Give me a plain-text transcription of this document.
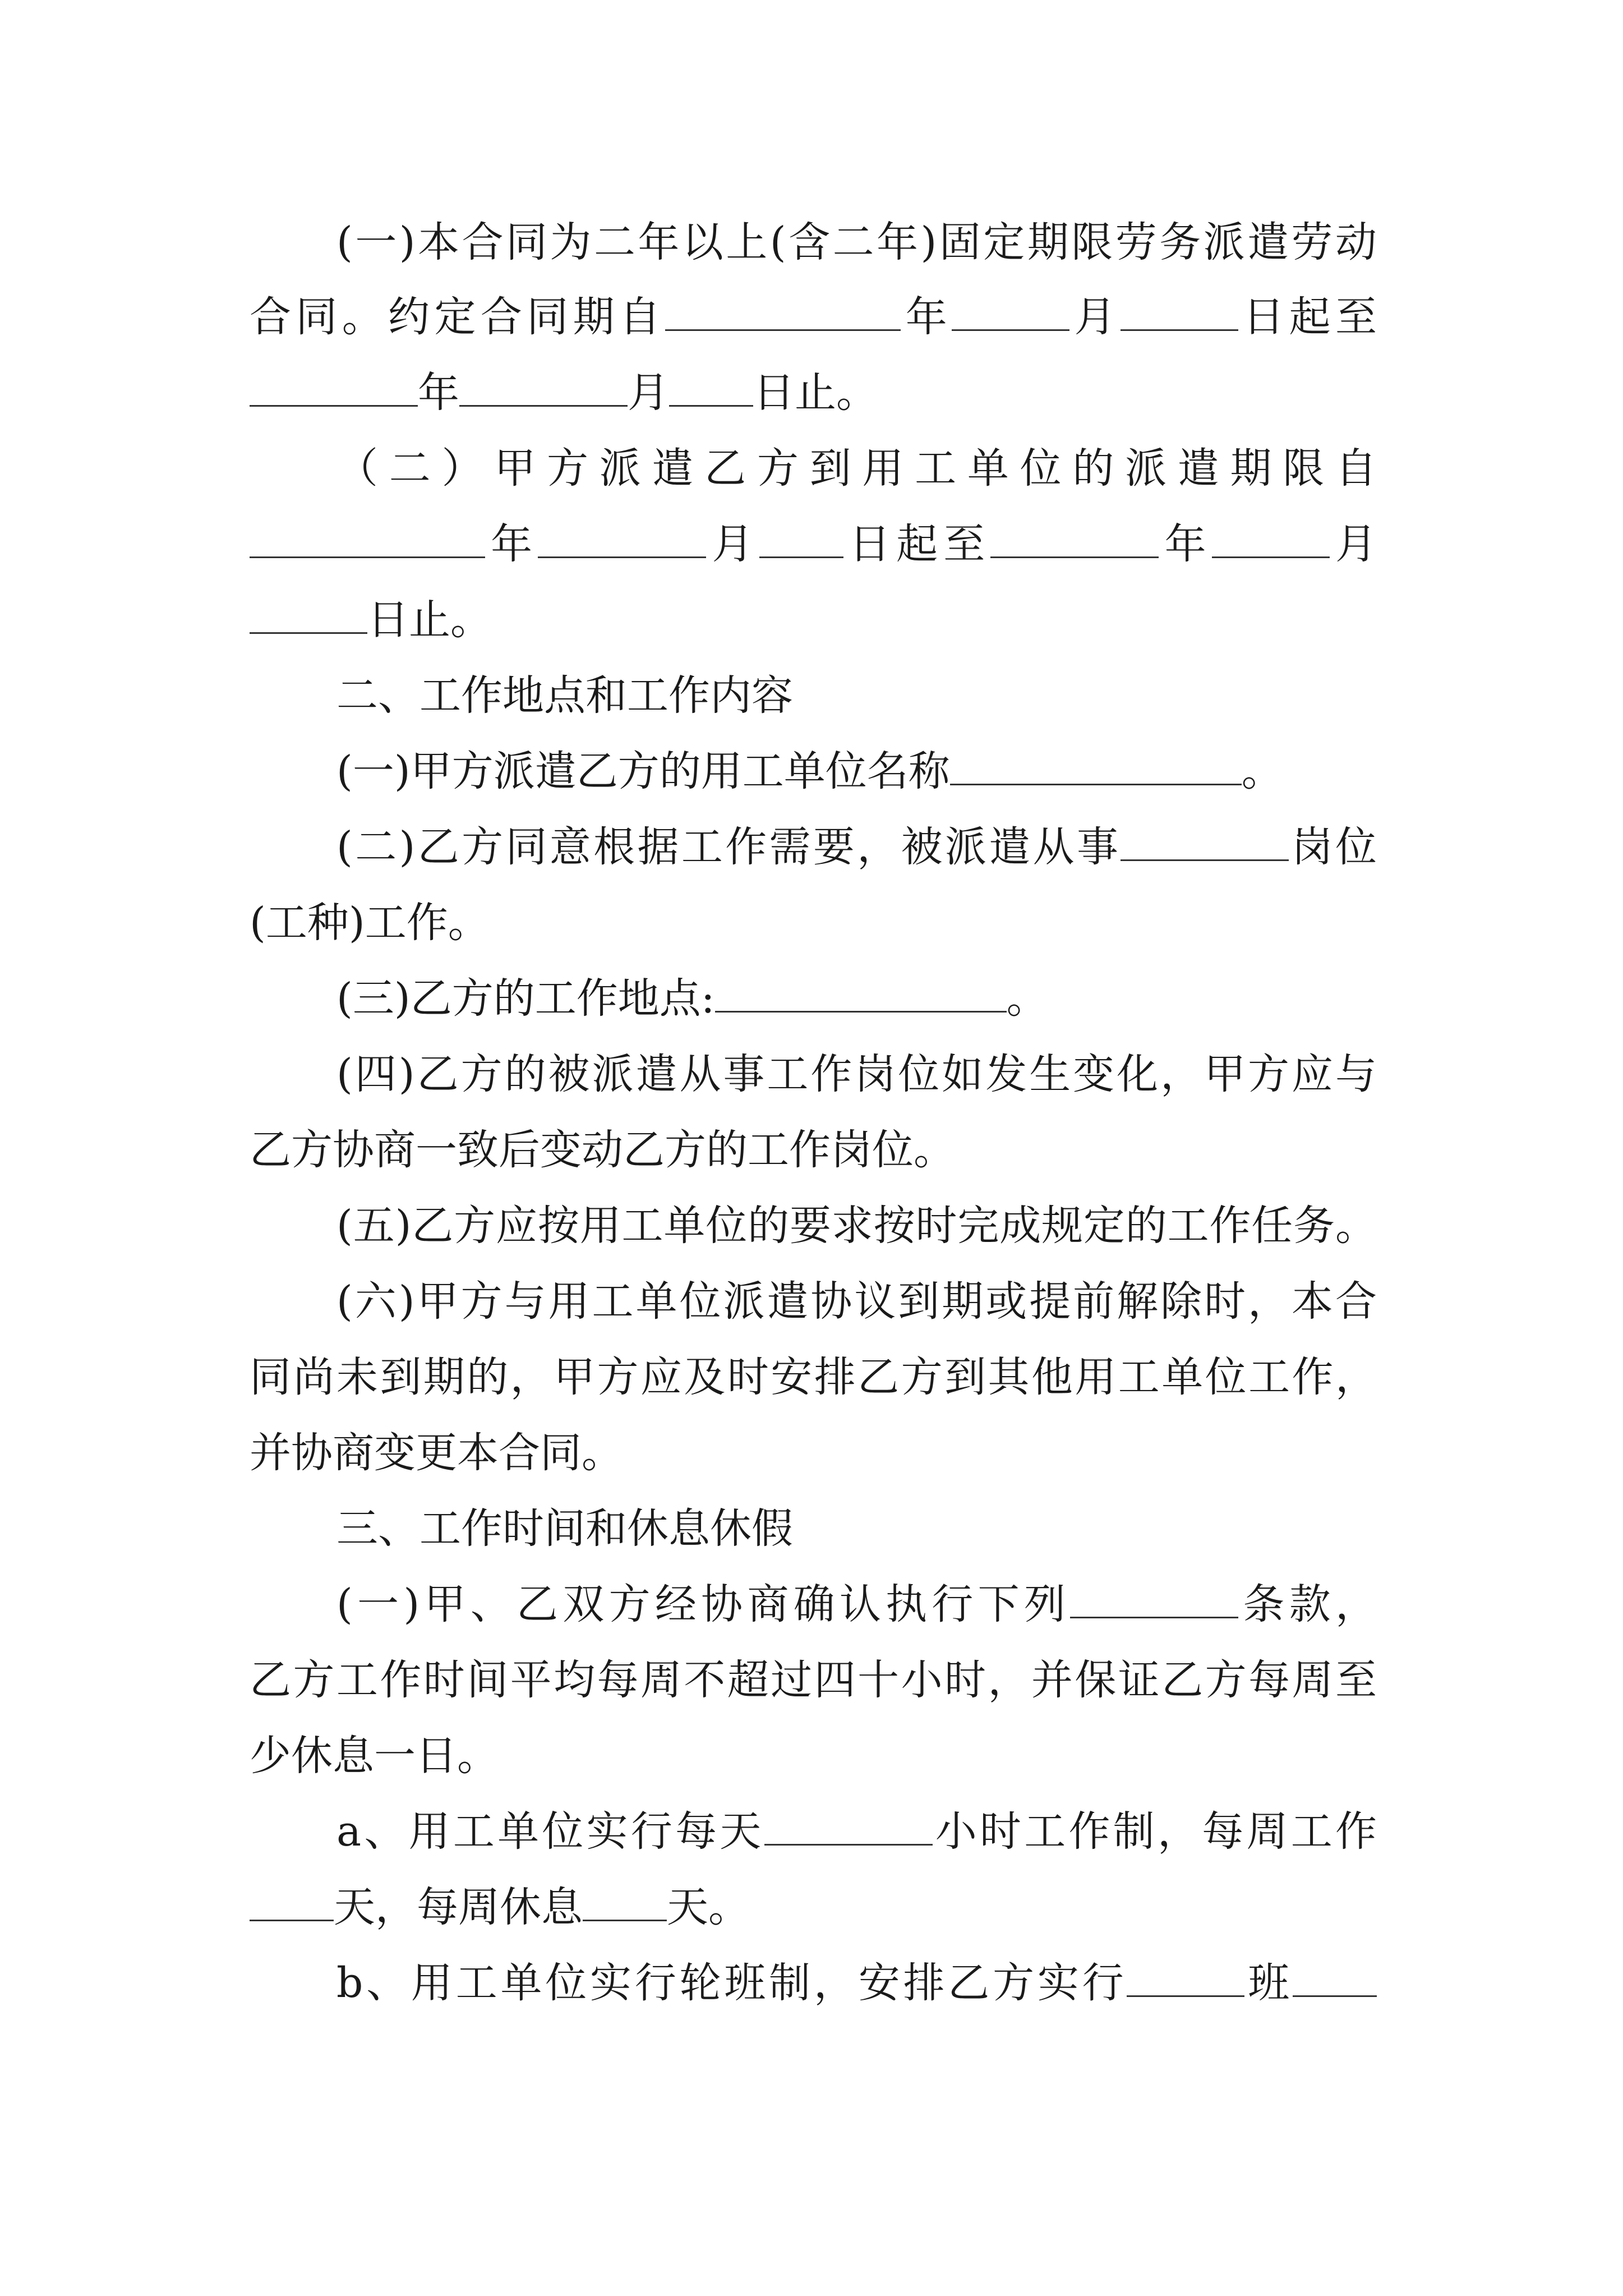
(一)本合同为二年以上(含二年)固定期限劳务派遣劳动
合同。约定合同期自	年	月	日起至
年	月 日止。
（二）甲方派遣乙方到用工单位的派遣期限自
年	月 日起至	年	月
日止。
二、工作地点和工作内容
(一)甲方派遣乙方的用工单位名称	。
(二)乙方同意根据工作需要，被派遣从事	岗位
(工种)工作。
(三)乙方的工作地点:	。
(四)乙方的被派遣从事工作岗位如发生变化，甲方应与
乙方协商一致后变动乙方的工作岗位。
(五)乙方应按用工单位的要求按时完成规定的工作任务。
(六)甲方与用工单位派遣协议到期或提前解除时，本合
同尚未到期的，甲方应及时安排乙方到其他用工单位工作，
并协商变更本合同。
三、工作时间和休息休假
(一)甲、乙双方经协商确认执行下列	条款，
乙方工作时间平均每周不超过四十小时，并保证乙方每周至
少休息一日。
a、用工单位实行每天	小时工作制，每周工作
天，每周休息 天。
b、用工单位实行轮班制，安排乙方实行	班
